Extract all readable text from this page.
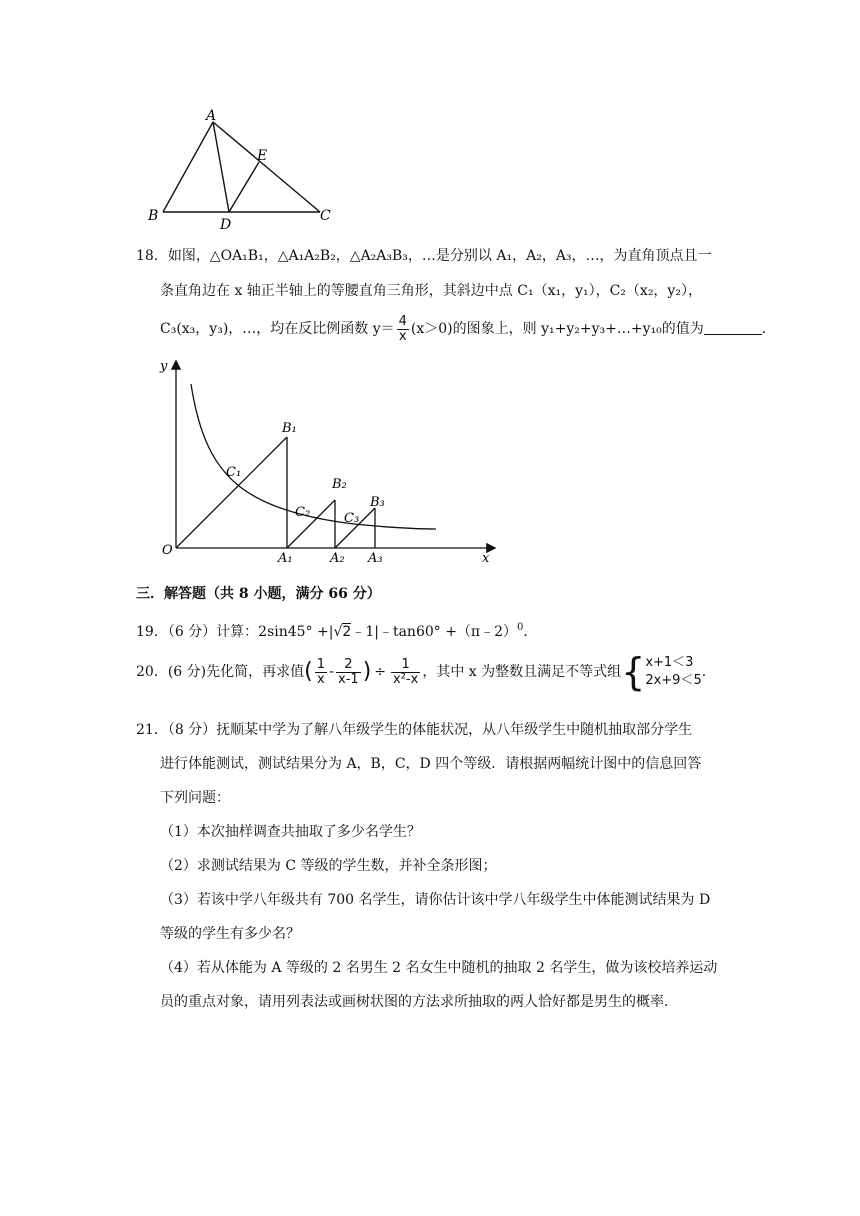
A
E
B
D
C
18．如图，△OA₁B₁，△A₁A₂B₂，△A₂A₃B₃，…是分别以 A₁，A₂，A₃，…，为直角顶点且一
条直角边在 x 轴正半轴上的等腰直角三角形，其斜边中点 C₁（x₁，y₁），C₂（x₂，y₂），
C₃(x₃，y₃)，…，均在反比例函数 $y= \frac{4}{x} (x>0)$的图象上，则 y₁+y₂+y₃+…+y₁₀的值为	．
y
x
O
B₁
B₂
B₃
C₁
C₂	C₃
A₁	A₂ A₃
三．解答题（共 8 小题，满分 66 分）
19．（6 分）计算：2sin45° +|√2﹣1|﹣tan60° +（π﹣2）$^0$．
20．(6 分)先化简，再求值( $\frac{1}{x} - \frac{2}{x-1}$ ) ÷ $\frac{1}{\text{x²-x}}$ ，其中 x 为整数且满足不等式组{ x+1＜3
2x+9＜5
．
21．（8 分）抚顺某中学为了解八年级学生的体能状况，从八年级学生中随机抽取部分学生
进行体能测试，测试结果分为 A，B，C，D 四个等级．请根据两幅统计图中的信息回答
下列问题：
（1）本次抽样调查共抽取了多少名学生？
（2）求测试结果为 C 等级的学生数，并补全条形图；
（3）若该中学八年级共有 700 名学生，请你估计该中学八年级学生中体能测试结果为 D
等级的学生有多少名？
（4）若从体能为 A 等级的 2 名男生 2 名女生中随机的抽取 2 名学生，做为该校培养运动
员的重点对象，请用列表法或画树状图的方法求所抽取的两人恰好都是男生的概率．
